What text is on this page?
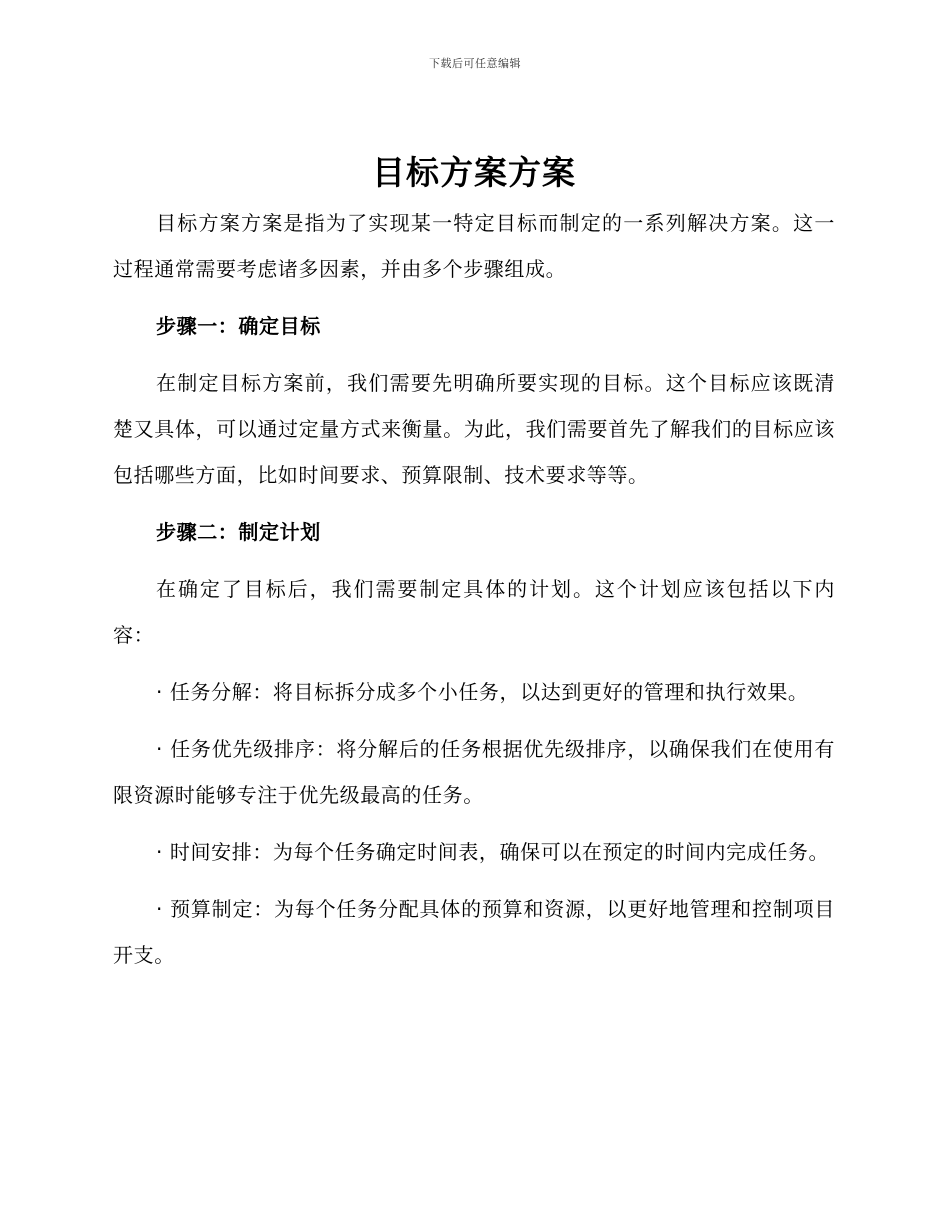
下载后可任意编辑
目标方案方案

目标方案方案是指为了实现某一特定目标而制定的一系列解决方案。这一过程通常需要考虑诸多因素，并由多个步骤组成。

步骤一：确定目标

在制定目标方案前，我们需要先明确所要实现的目标。这个目标应该既清楚又具体，可以通过定量方式来衡量。为此，我们需要首先了解我们的目标应该包括哪些方面，比如时间要求、预算限制、技术要求等等。

步骤二：制定计划

在确定了目标后，我们需要制定具体的计划。这个计划应该包括以下内容：

· 任务分解：将目标拆分成多个小任务，以达到更好的管理和执行效果。

· 任务优先级排序：将分解后的任务根据优先级排序，以确保我们在使用有限资源时能够专注于优先级最高的任务。

· 时间安排：为每个任务确定时间表，确保可以在预定的时间内完成任务。

· 预算制定：为每个任务分配具体的预算和资源，以更好地管理和控制项目开支。
